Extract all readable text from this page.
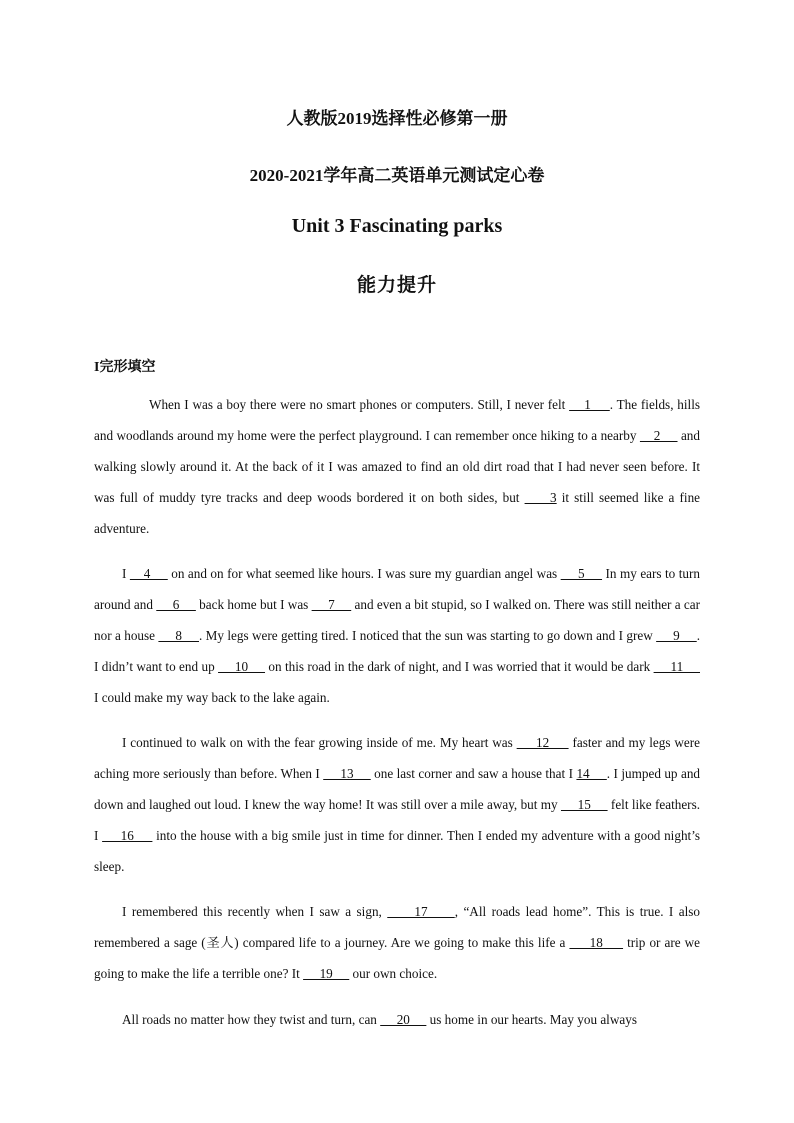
人教版2019选择性必修第一册
2020-2021学年高二英语单元测试定心卷
Unit 3 Fascinating parks
能力提升
I完形填空
When I was a boy there were no smart phones or computers. Still, I never felt     1     . The fields, hills and woodlands around my home were the perfect playground. I can remember once hiking to a nearby     2      and walking slowly around it. At the back of it I was amazed to find an old dirt road that I had never seen before. It was full of muddy tyre tracks and deep woods bordered it on both sides, but      3 it still seemed like a fine adventure.
I     4      on and on for what seemed like hours. I was sure my guardian angel was      5      In my ears to turn around and      6      back home but I was      7      and even a bit stupid, so I walked on. There was still neither a car nor a house      8     . My legs were getting tired. I noticed that the sun was starting to go down and I grew      9     . I didn’t want to end up      10      on this road in the dark of night, and I was worried that it would be dark      11      I could make my way back to the lake again.
I continued to walk on with the fear growing inside of me. My heart was      12      faster and my legs were aching more seriously than before. When I      13      one last corner and saw a house that I 14     . I jumped up and down and laughed out loud. I knew the way home! It was still over a mile away, but my      15      felt like feathers. I      16      into the house with a big smile just in time for dinner. Then I ended my adventure with a good night’s sleep.
I remembered this recently when I saw a sign,      17     , “All roads lead home”. This is true. I also remembered a sage (圣人) compared life to a journey. Are we going to make this life a      18      trip or are we going to make the life a terrible one? It      19      our own choice.
All roads no matter how they twist and turn, can      20      us home in our hearts. May you always
